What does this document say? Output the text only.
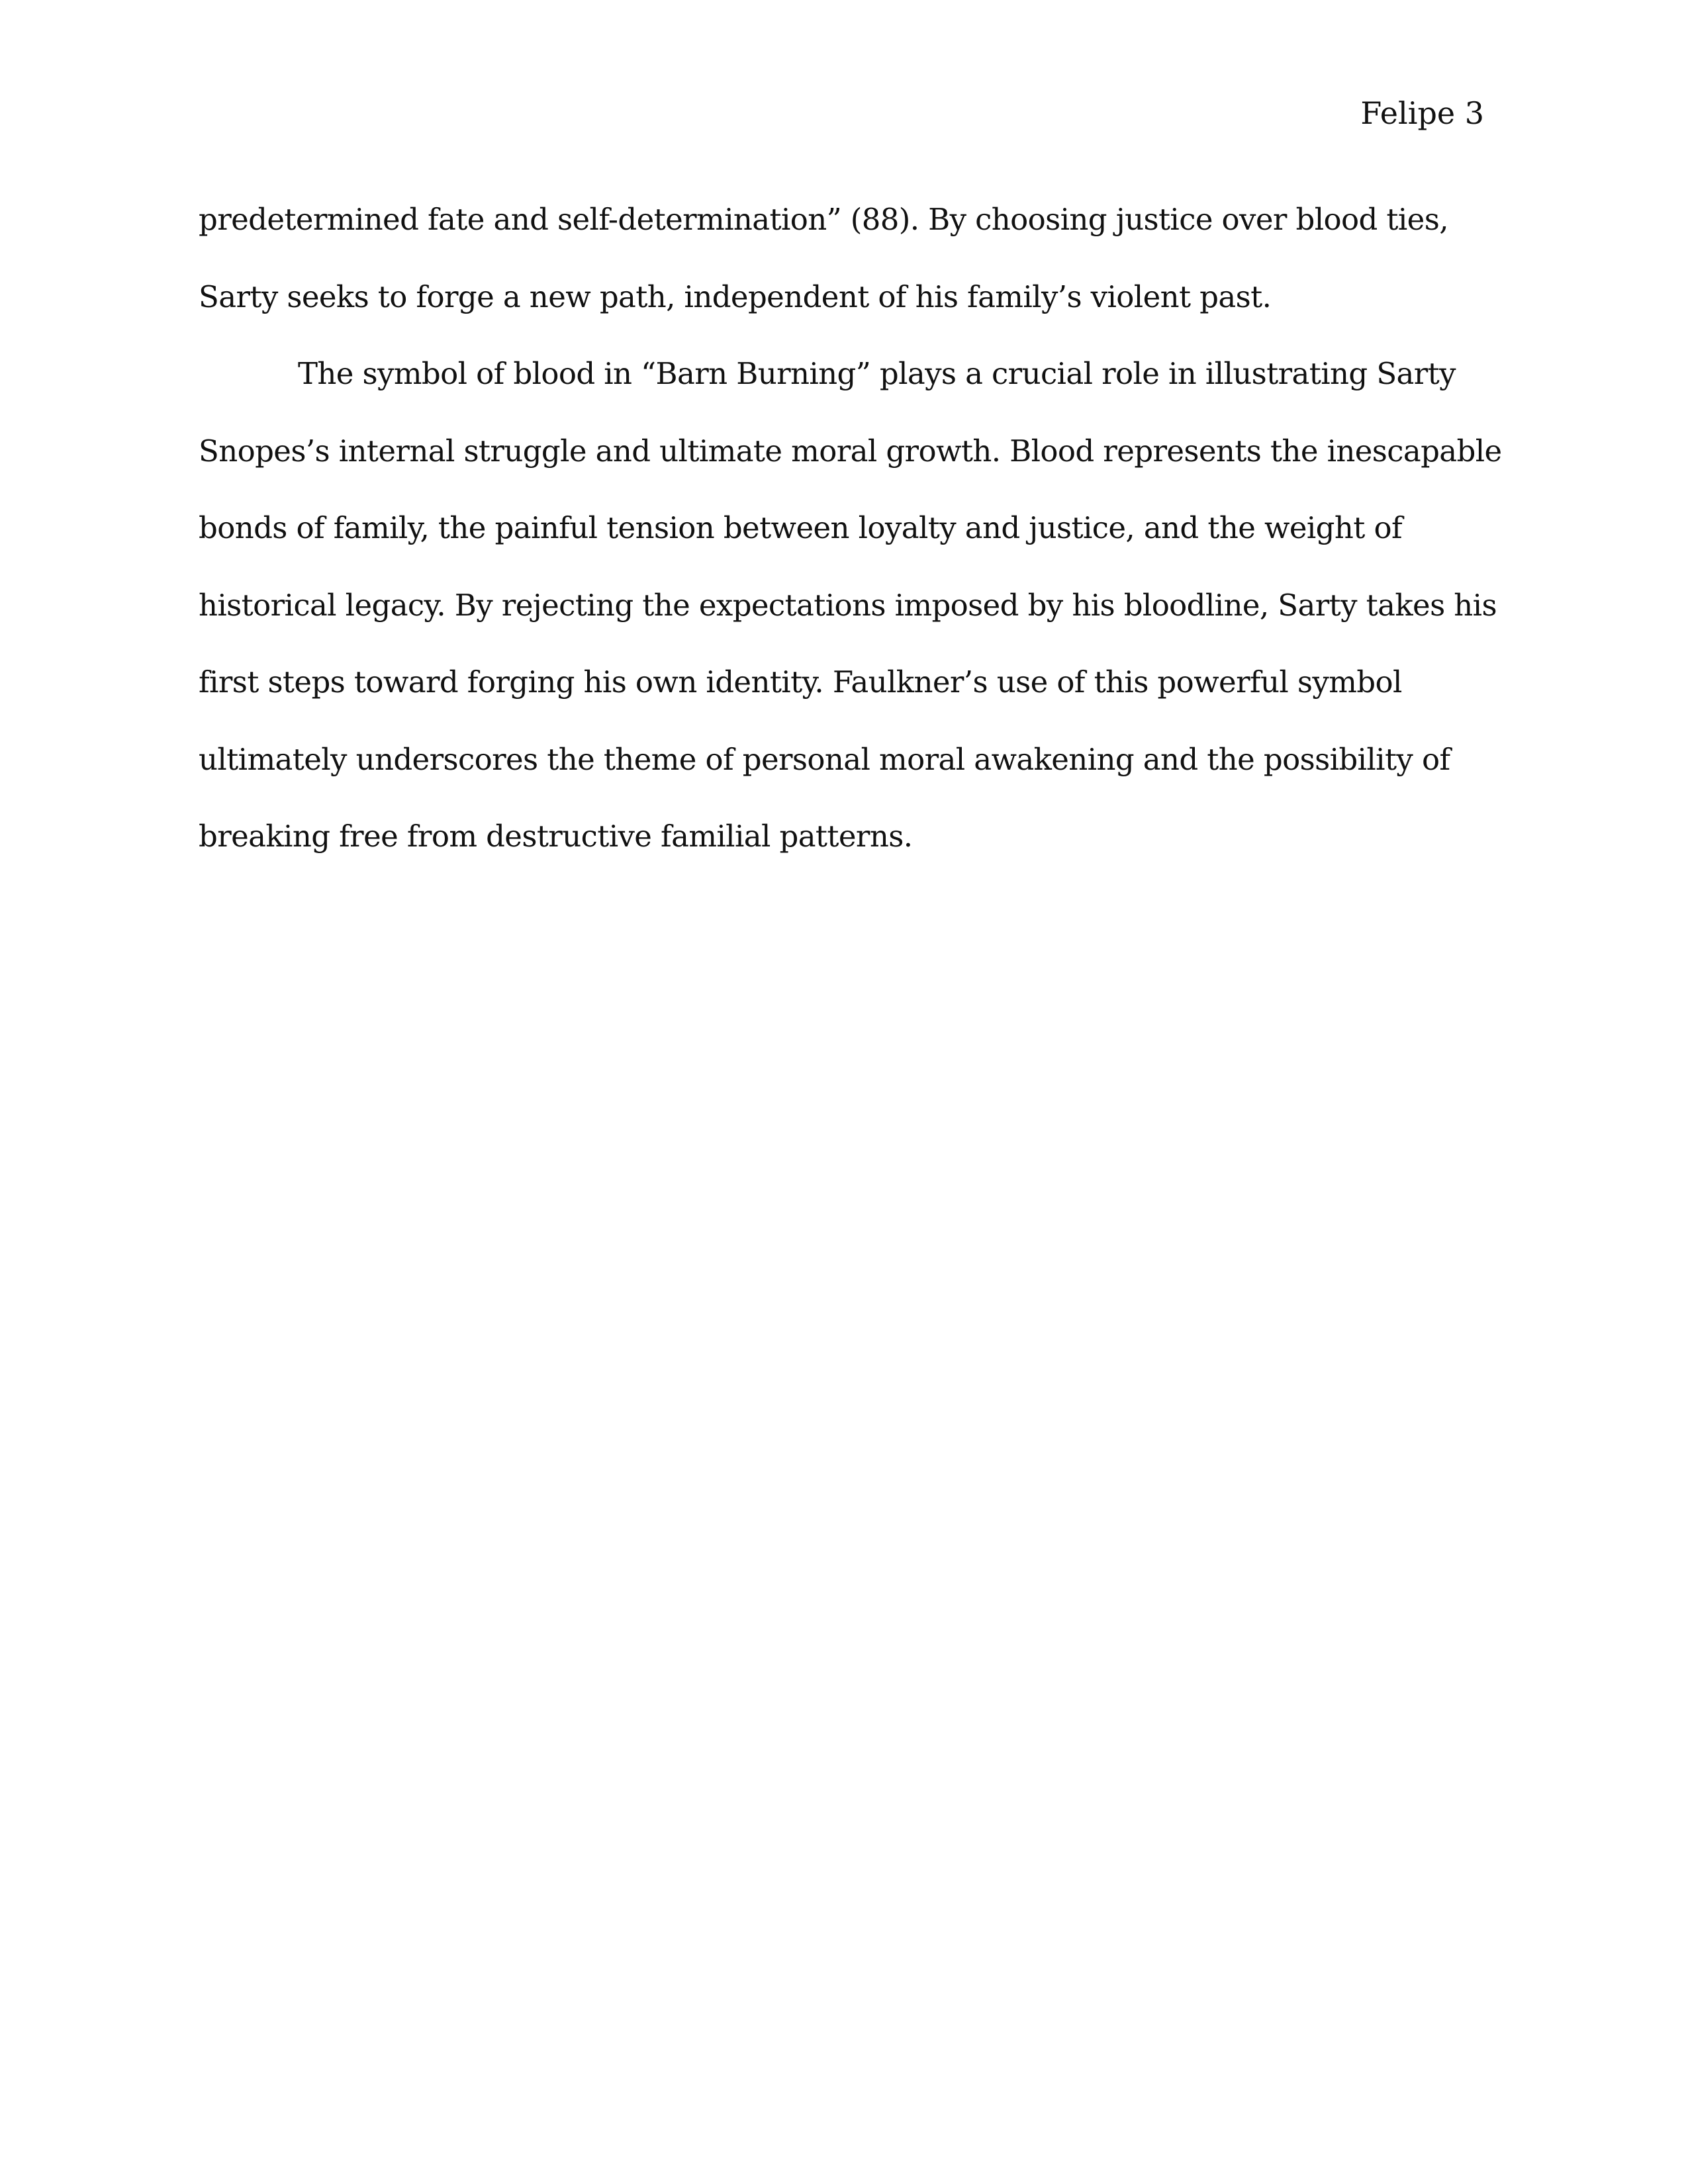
Felipe 3
predetermined fate and self-determination” (88). By choosing justice over blood ties,
Sarty seeks to forge a new path, independent of his family’s violent past.
The symbol of blood in “Barn Burning” plays a crucial role in illustrating Sarty
Snopes’s internal struggle and ultimate moral growth. Blood represents the inescapable
bonds of family, the painful tension between loyalty and justice, and the weight of
historical legacy. By rejecting the expectations imposed by his bloodline, Sarty takes his
first steps toward forging his own identity. Faulkner’s use of this powerful symbol
ultimately underscores the theme of personal moral awakening and the possibility of
breaking free from destructive familial patterns.
